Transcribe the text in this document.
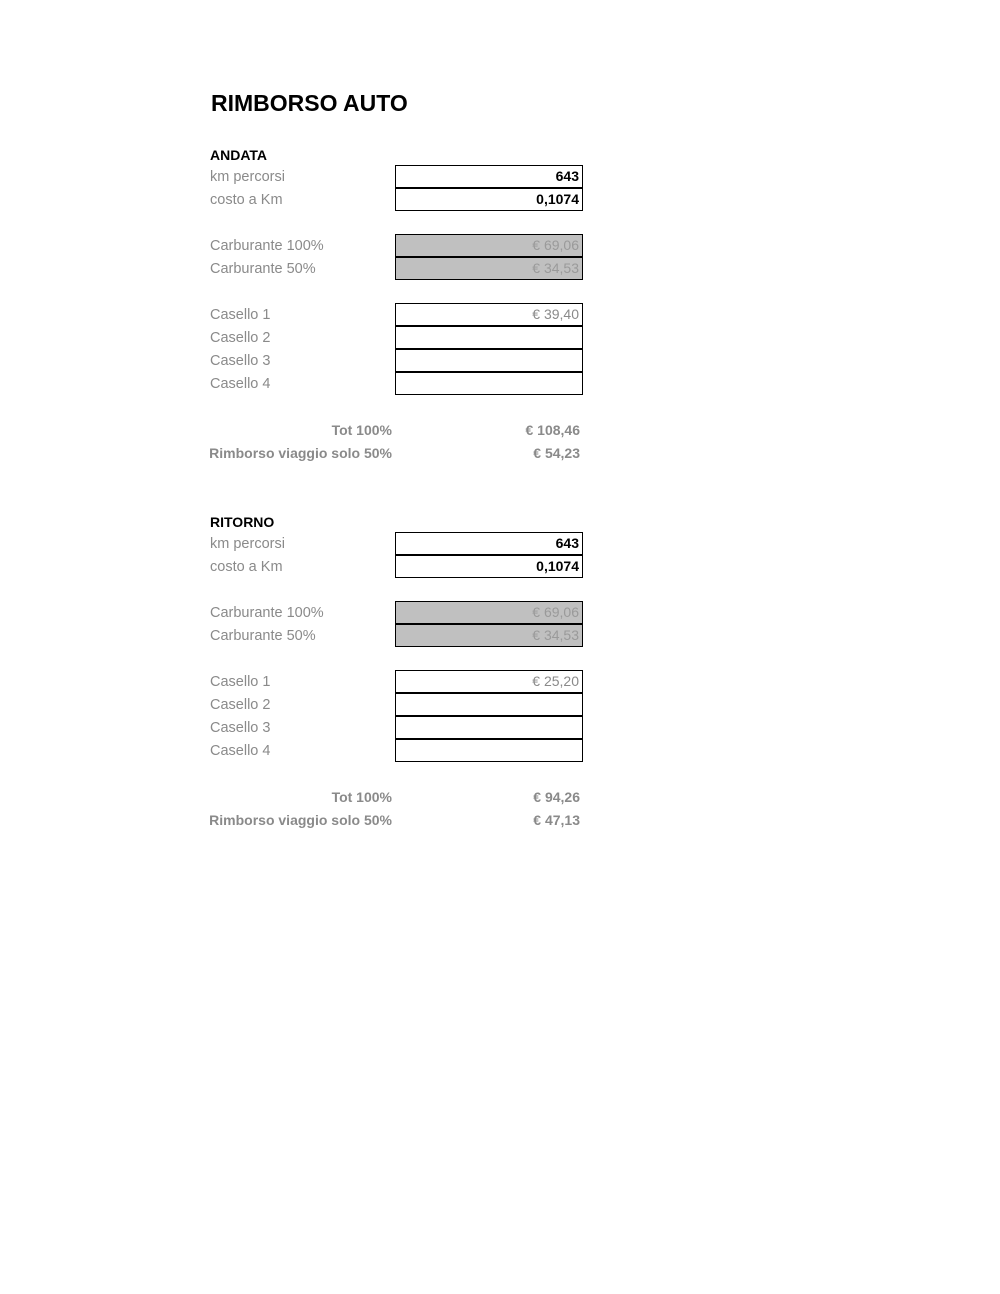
RIMBORSO AUTO
ANDATA
km percorsi	643
costo a Km	0,1074
Carburante 100%	€ 69,06
Carburante 50%	€ 34,53
Casello 1	€ 39,40
Casello 2
Casello 3
Casello 4
Tot 100%	€ 108,46
Rimborso viaggio solo 50%	€ 54,23
RITORNO
km percorsi	643
costo a Km	0,1074
Carburante 100%	€ 69,06
Carburante 50%	€ 34,53
Casello 1	€ 25,20
Casello 2
Casello 3
Casello 4
Tot 100%	€ 94,26
Rimborso viaggio solo 50%	€ 47,13
